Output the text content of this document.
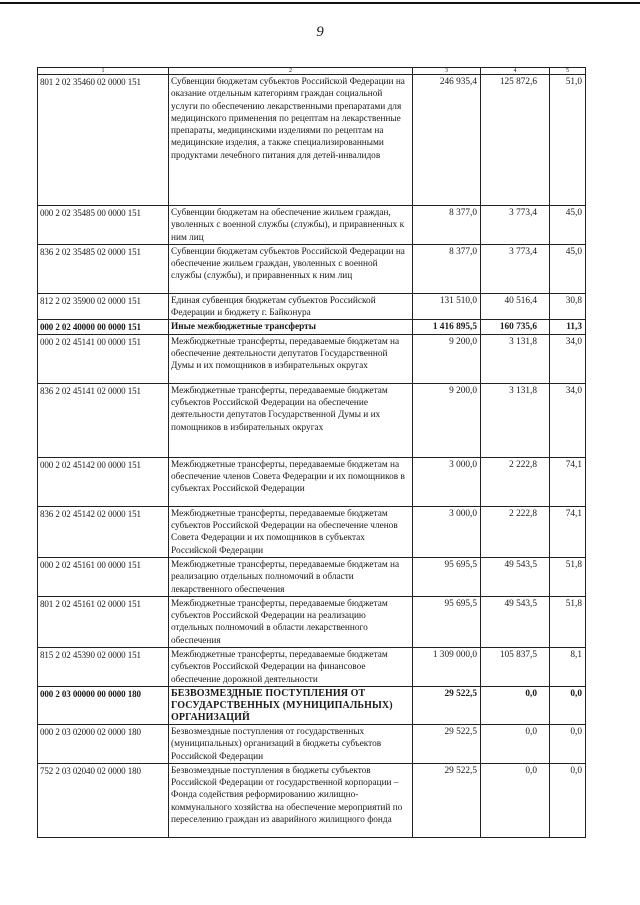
9
1	2	3	4	5
801 2 02 35460 02 0000 151	Субвенции бюджетам субъектов Российской Федерации на оказание отдельным категориям граждан социальной услуги по обеспечению лекарственными препаратами для медицинского применения по рецептам на лекарственные препараты, медицинскими изделиями по рецептам на медицинские изделия, а также специализированными продуктами лечебного питания для детей-инвалидов	246 935,4	125 872,6	51,0
000 2 02 35485 00 0000 151	Субвенции бюджетам на обеспечение жильем граждан, уволенных с военной службы (службы), и приравненных к ним лиц	8 377,0	3 773,4	45,0
836 2 02 35485 02 0000 151	Субвенции бюджетам субъектов Российской Федерации на обеспечение жильем граждан, уволенных с военной службы (службы), и приравненных к ним лиц	8 377,0	3 773,4	45,0
812 2 02 35900 02 0000 151	Единая субвенция бюджетам субъектов Российской Федерации и бюджету г. Байконура	131 510,0	40 516,4	30,8
000 2 02 40000 00 0000 151	Иные межбюджетные трансферты	1 416 895,5	160 735,6	11,3
000 2 02 45141 00 0000 151	Межбюджетные трансферты, передаваемые бюджетам на обеспечение деятельности депутатов Государственной Думы и их помощников в избирательных округах	9 200,0	3 131,8	34,0
836 2 02 45141 02 0000 151	Межбюджетные трансферты, передаваемые бюджетам субъектов Российской Федерации на обеспечение деятельности депутатов Государственной Думы и их помощников в избирательных округах	9 200,0	3 131,8	34,0
000 2 02 45142 00 0000 151	Межбюджетные трансферты, передаваемые бюджетам на обеспечение членов Совета Федерации и их помощников в субъектах Российской Федерации	3 000,0	2 222,8	74,1
836 2 02 45142 02 0000 151	Межбюджетные трансферты, передаваемые бюджетам субъектов Российской Федерации на обеспечение членов Совета Федерации и их помощников в субъектах Российской Федерации	3 000,0	2 222,8	74,1
000 2 02 45161 00 0000 151	Межбюджетные трансферты, передаваемые бюджетам на реализацию отдельных полномочий в области лекарственного обеспечения	95 695,5	49 543,5	51,8
801 2 02 45161 02 0000 151	Межбюджетные трансферты, передаваемые бюджетам субъектов Российской Федерации на реализацию отдельных полномочий в области лекарственного обеспечения	95 695,5	49 543,5	51,8
815 2 02 45390 02 0000 151	Межбюджетные трансферты, передаваемые бюджетам субъектов Российской Федерации на финансовое обеспечение дорожной деятельности	1 309 000,0	105 837,5	8,1
000 2 03 00000 00 0000 180	БЕЗВОЗМЕЗДНЫЕ ПОСТУПЛЕНИЯ ОТ ГОСУДАРСТВЕННЫХ (МУНИЦИПАЛЬНЫХ) ОРГАНИЗАЦИЙ	29 522,5	0,0	0,0
000 2 03 02000 02 0000 180	Безвозмездные поступления от государственных (муниципальных) организаций в бюджеты субъектов Российской Федерации	29 522,5	0,0	0,0
752 2 03 02040 02 0000 180	Безвозмездные поступления в бюджеты субъектов Российской Федерации от государственной корпорации – Фонда содействия реформированию жилищно-коммунального хозяйства на обеспечение мероприятий по переселению граждан из аварийного жилищного фонда	29 522,5	0,0	0,0
